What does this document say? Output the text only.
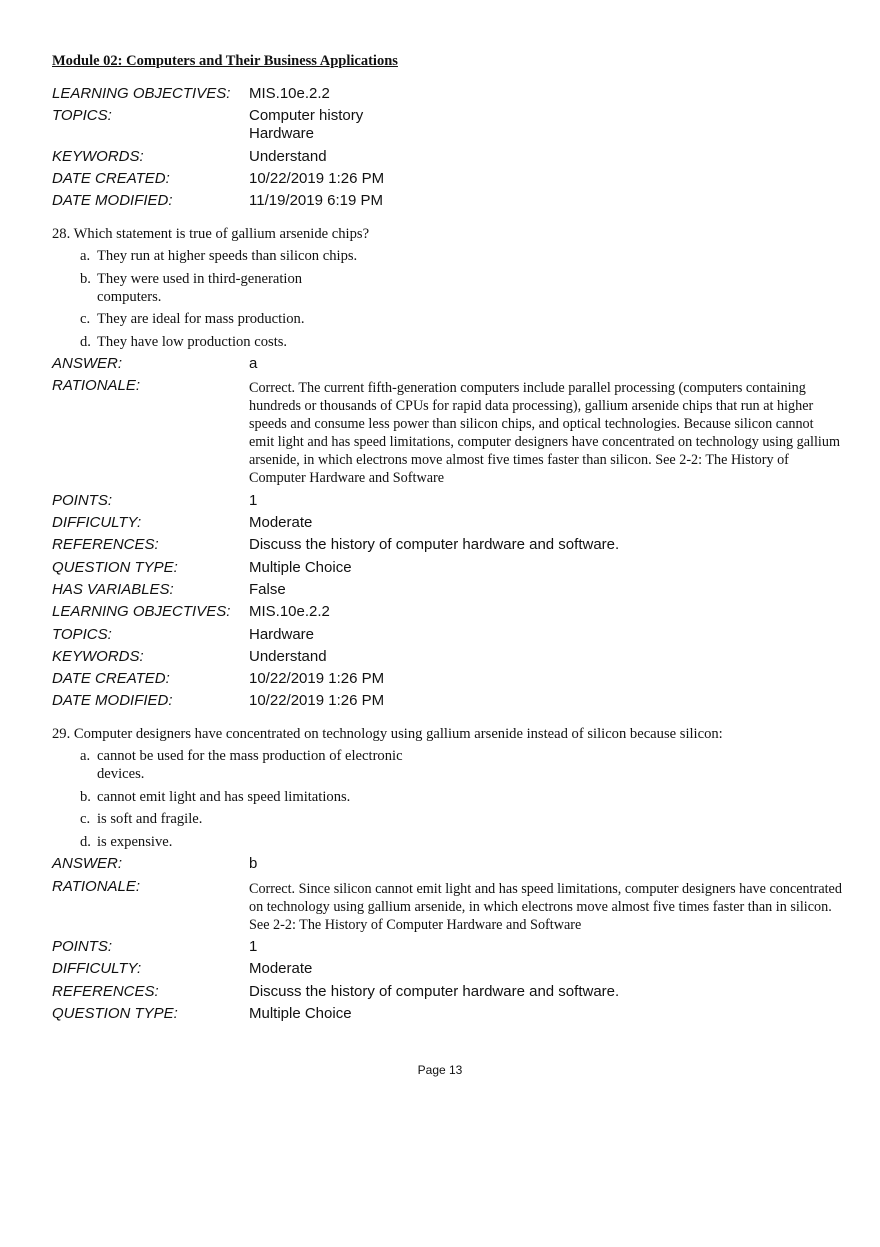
Module 02: Computers and Their Business Applications
LEARNING OBJECTIVES:	MIS.10e.2.2
TOPICS:	Computer history
Hardware
KEYWORDS:	Understand
DATE CREATED:	10/22/2019 1:26 PM
DATE MODIFIED:	11/19/2019 6:19 PM
28. Which statement is true of gallium arsenide chips?
a. They run at higher speeds than silicon chips.
b. They were used in third-generation computers.
c. They are ideal for mass production.
d. They have low production costs.
ANSWER:	a
RATIONALE:	Correct. The current fifth-generation computers include parallel processing (computers containing hundreds or thousands of CPUs for rapid data processing), gallium arsenide chips that run at higher speeds and consume less power than silicon chips, and optical technologies. Because silicon cannot emit light and has speed limitations, computer designers have concentrated on technology using gallium arsenide, in which electrons move almost five times faster than silicon. See 2-2: The History of Computer Hardware and Software
POINTS:	1
DIFFICULTY:	Moderate
REFERENCES:	Discuss the history of computer hardware and software.
QUESTION TYPE:	Multiple Choice
HAS VARIABLES:	False
LEARNING OBJECTIVES:	MIS.10e.2.2
TOPICS:	Hardware
KEYWORDS:	Understand
DATE CREATED:	10/22/2019 1:26 PM
DATE MODIFIED:	10/22/2019 1:26 PM
29. Computer designers have concentrated on technology using gallium arsenide instead of silicon because silicon:
a. cannot be used for the mass production of electronic devices.
b. cannot emit light and has speed limitations.
c. is soft and fragile.
d. is expensive.
ANSWER:	b
RATIONALE:	Correct. Since silicon cannot emit light and has speed limitations, computer designers have concentrated on technology using gallium arsenide, in which electrons move almost five times faster than in silicon. See 2-2: The History of Computer Hardware and Software
POINTS:	1
DIFFICULTY:	Moderate
REFERENCES:	Discuss the history of computer hardware and software.
QUESTION TYPE:	Multiple Choice
Page 13
